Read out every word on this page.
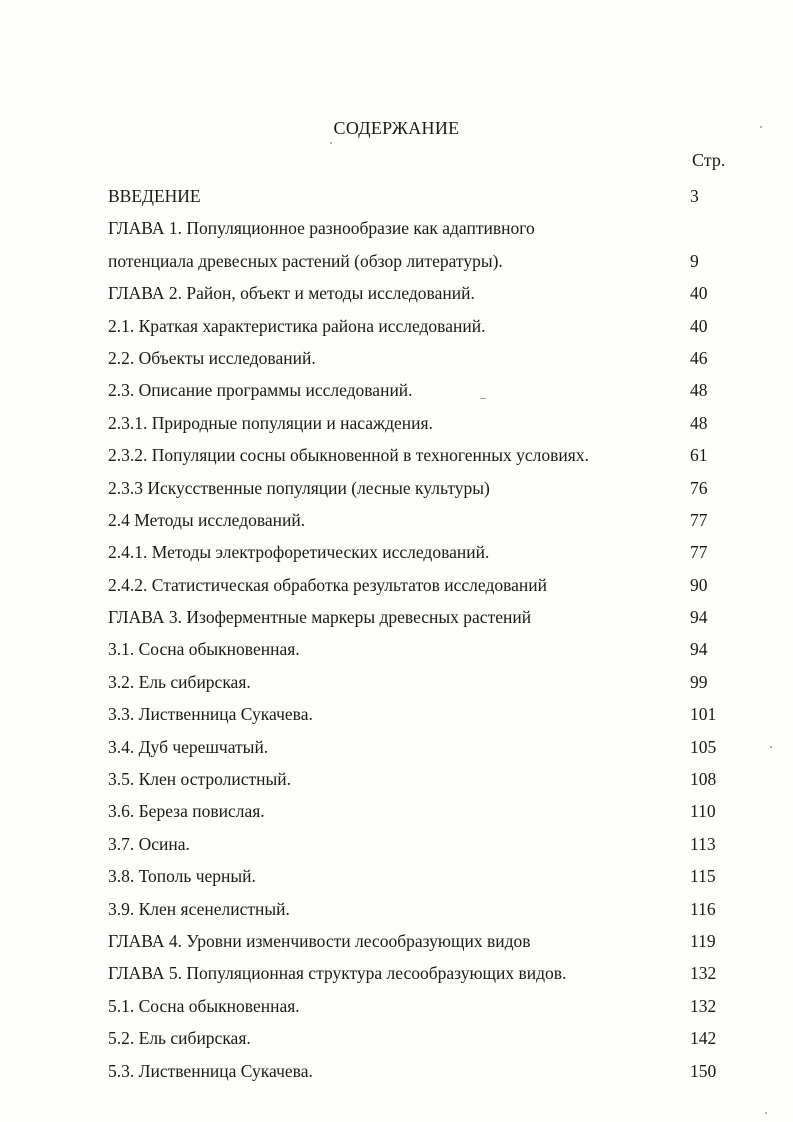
СОДЕРЖАНИЕ
Стр.
ВВЕДЕНИЕ	3
ГЛАВА 1. Популяционное разнообразие как адаптивного
потенциала древесных растений (обзор литературы).	9
ГЛАВА 2. Район, объект и методы исследований.	40
2.1. Краткая характеристика района исследований.	40
2.2. Объекты исследований.	46
2.3. Описание программы исследований.	48
2.3.1. Природные популяции и насаждения.	48
2.3.2. Популяции сосны обыкновенной в техногенных условиях.	61
2.3.3 Искусственные популяции (лесные культуры)	76
2.4 Методы исследований.	77
2.4.1. Методы электрофоретических исследований.	77
2.4.2. Статистическая обработка результатов исследований	90
ГЛАВА 3. Изоферментные маркеры древесных растений	94
3.1. Сосна обыкновенная.	94
3.2. Ель сибирская.	99
3.3. Лиственница Сукачева.	101
3.4. Дуб черешчатый.	105
3.5. Клен остролистный.	108
3.6. Береза повислая.	110
3.7. Осина.	113
3.8. Тополь черный.	115
3.9. Клен ясенелистный.	116
ГЛАВА 4. Уровни изменчивости лесообразующих видов	119
ГЛАВА 5. Популяционная структура лесообразующих видов.	132
5.1. Сосна обыкновенная.	132
5.2. Ель сибирская.	142
5.3. Лиственница Сукачева.	150
